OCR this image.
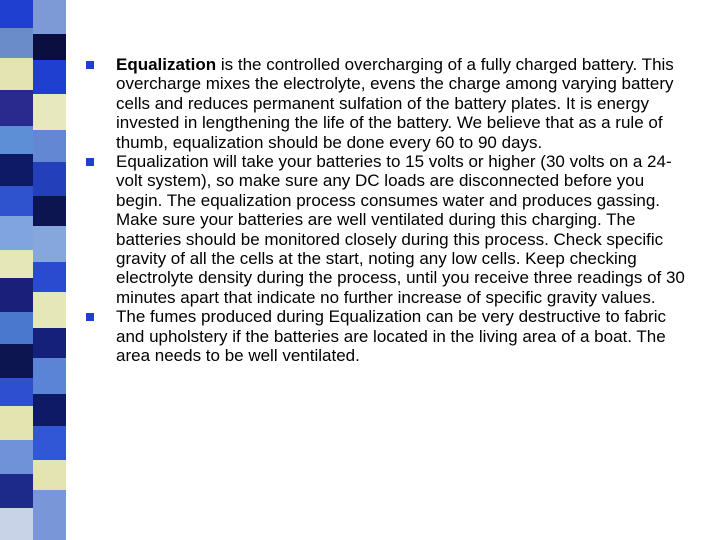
Equalization is the controlled overcharging of a fully charged battery. This overcharge mixes the electrolyte, evens the charge among varying battery cells and reduces permanent sulfation of the battery plates. It is energy invested in lengthening the life of the battery. We believe that as a rule of thumb, equalization should be done every 60 to 90 days.

Equalization will take your batteries to 15 volts or higher (30 volts on a 24-volt system), so make sure any DC loads are disconnected before you begin. The equalization process consumes water and produces gassing. Make sure your batteries are well ventilated during this charging. The batteries should be monitored closely during this process. Check specific gravity of all the cells at the start, noting any low cells. Keep checking electrolyte density during the process, until you receive three readings of 30 minutes apart that indicate no further increase of specific gravity values.

The fumes produced during Equalization can be very destructive to fabric and upholstery if the batteries are located in the living area of a boat. The area needs to be well ventilated.
